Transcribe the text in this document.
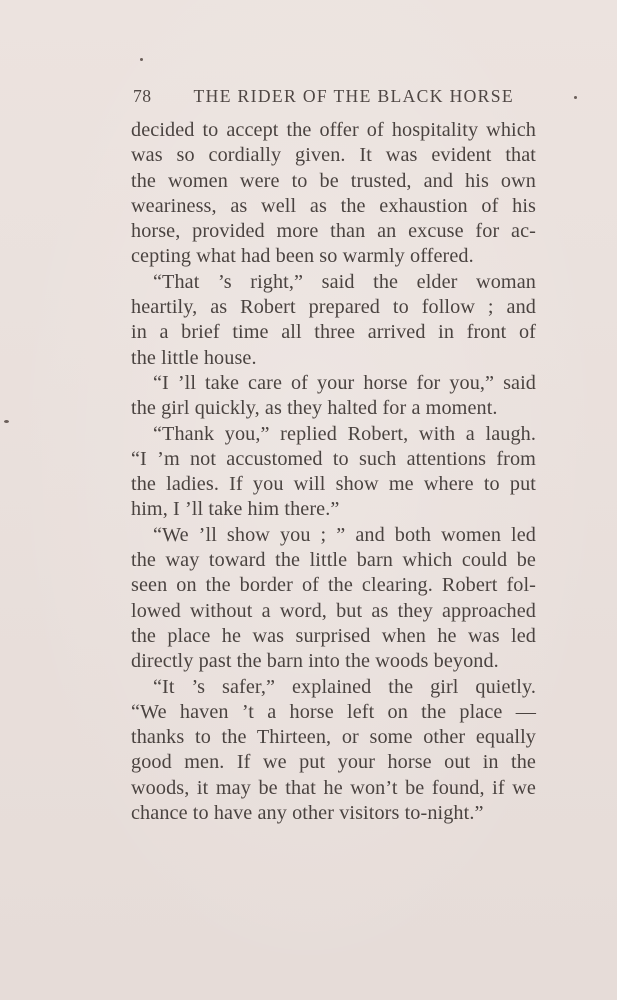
78 THE RIDER OF THE BLACK HORSE
decided to accept the offer of hospitality which
was so cordially given. It was evident that
the women were to be trusted, and his own
weariness, as well as the exhaustion of his
horse, provided more than an excuse for ac-
cepting what had been so warmly offered.
“That ’s right,” said the elder woman
heartily, as Robert prepared to follow ; and
in a brief time all three arrived in front of
the little house.
“I ’ll take care of your horse for you,” said
the girl quickly, as they halted for a moment.
“Thank you,” replied Robert, with a laugh.
“I ’m not accustomed to such attentions from
the ladies. If you will show me where to put
him, I ’ll take him there.”
“We ’ll show you ; ” and both women led
the way toward the little barn which could be
seen on the border of the clearing. Robert fol-
lowed without a word, but as they approached
the place he was surprised when he was led
directly past the barn into the woods beyond.
“It ’s safer,” explained the girl quietly.
“We haven ’t a horse left on the place —
thanks to the Thirteen, or some other equally
good men. If we put your horse out in the
woods, it may be that he won’t be found, if we
chance to have any other visitors to-night.”
